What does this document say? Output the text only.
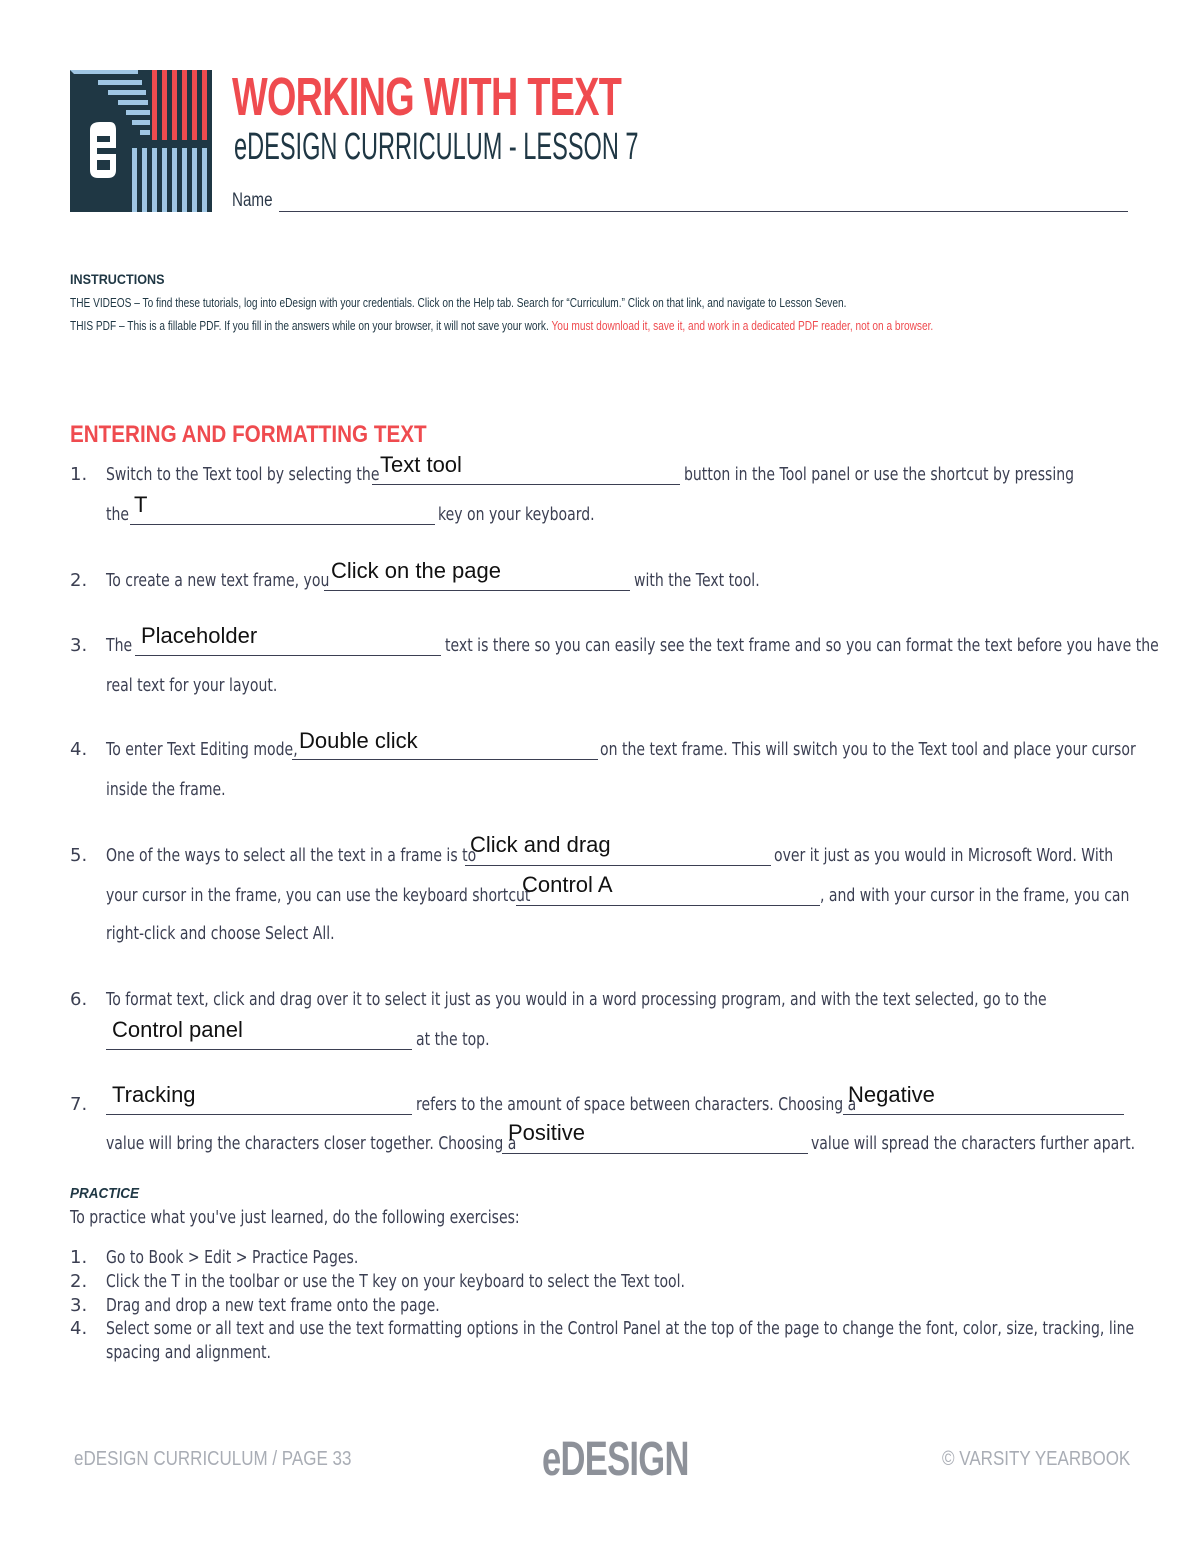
WORKING WITH TEXT
eDESIGN CURRICULUM - LESSON 7
Name
INSTRUCTIONS
THE VIDEOS – To find these tutorials, log into eDesign with your credentials. Click on the Help tab. Search for “Curriculum.” Click on that link, and navigate to Lesson Seven.
THIS PDF – This is a fillable PDF. If you fill in the answers while on your browser, it will not save your work. You must download it, save it, and work in a dedicated PDF reader, not on a browser.
ENTERING AND FORMATTING TEXT
1. Switch to the Text tool by selecting the Text tool	button in the Tool panel or use the shortcut by pressing
the T	key on your keyboard.
2. To create a new text frame, you Click on the page	with the Text tool.
3. The Placeholder	text is there so you can easily see the text frame and so you can format the text before you have the
real text for your layout.
4. To enter Text Editing mode, Double click	on the text frame. This will switch you to the Text tool and place your cursor
inside the frame.
5. One of the ways to select all the text in a frame is to
Click and drag	over it just as you would in Microsoft Word. With
your cursor in the frame, you can use the keyboard shortcut
Control A	, and with your cursor in the frame, you can
right-click and choose Select All.
6. To format text, click and drag over it to select it just as you would in a word processing program, and with the text selected, go to the
Control panel	at the top.
7. Tracking	refers to the amount of space between characters. Choosing a
Negative
value will bring the characters closer together. Choosing a
Positive	value will spread the characters further apart.
PRACTICE
To practice what you've just learned, do the following exercises:
1. Go to Book > Edit > Practice Pages.
2. Click the T in the toolbar or use the T key on your keyboard to select the Text tool.
3. Drag and drop a new text frame onto the page.
4. Select some or all text and use the text formatting options in the Control Panel at the top of the page to change the font, color, size, tracking, line
spacing and alignment.
eDESIGN CURRICULUM / PAGE 33	eDESIGN	© VARSITY YEARBOOK
